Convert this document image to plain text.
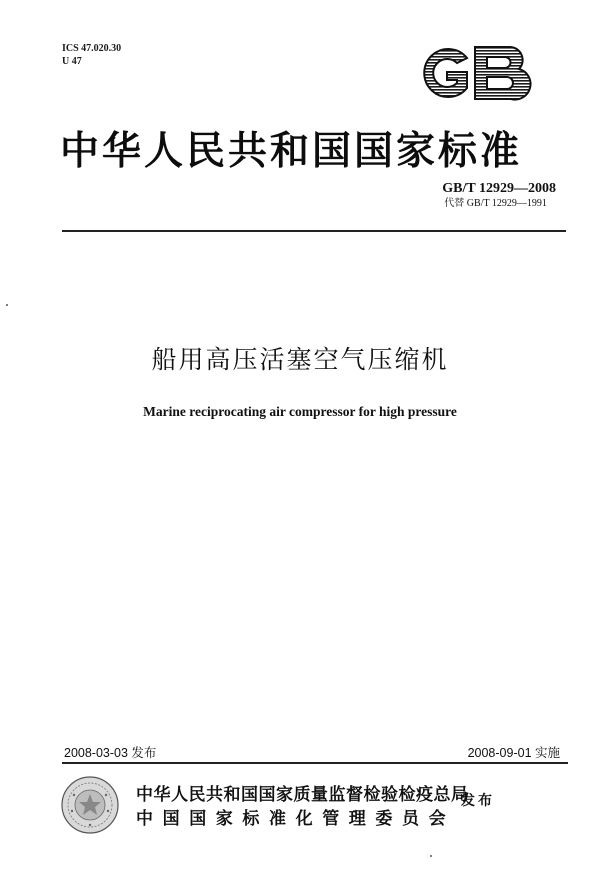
ICS 47.020.30
U 47
中华人民共和国国家标准
GB/T 12929—2008
代替 GB/T 12929—1991
船用高压活塞空气压缩机
Marine reciprocating air compressor for high pressure
2008-03-03 发布	2008-09-01 实施
中华人民共和国国家质量监督检验检疫总局
中国国家标准化管理委员会
发布
